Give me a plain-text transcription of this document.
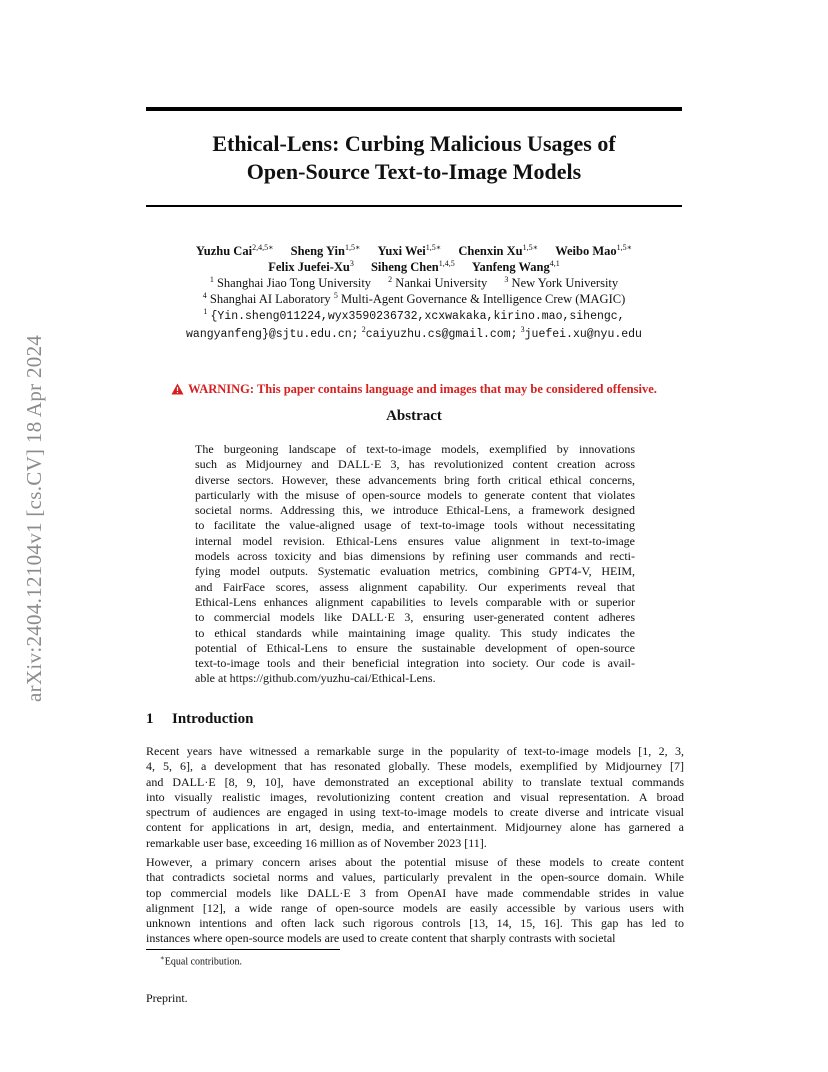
arXiv:2404.12104v1 [cs.CV] 18 Apr 2024
Ethical-Lens: Curbing Malicious Usages of
Open-Source Text-to-Image Models
Yuzhu Cai$^{2,4,5∗}$ Sheng Yin$^{1,5∗}$ Yuxi Wei$^{1,5∗}$ Chenxin $Xu^{1,5∗}$ Weibo Mao$^{1,5∗}$
Felix Juefei-Xu$^3$ Siheng Chen$^{1,4,5}$ Yanfeng Wang$^{4,1}$
$^1$ Shanghai Jiao Tong University $^2$ Nankai University $^3$ New York University
$^4$ Shanghai AI Laboratory $^5$ Multi-Agent Governance & Intelligence Crew (MAGIC)
$^1$ {Yin.sheng011224,wyx3590236732,xcxwakaka,kirino.mao,sihengc,
wangyanfeng}@sjtu.edu.cn; $^2$caiyuzhu.cs@gmail.com; $^3$juefei.xu@nyu.edu
WARNING: This paper contains language and images that may be considered offensive.
Abstract
The burgeoning landscape of text-to-image models, exemplified by innovations
such as Midjourney and DALL·E 3, has revolutionized content creation across
diverse sectors. However, these advancements bring forth critical ethical concerns,
particularly with the misuse of open-source models to generate content that violates
societal norms. Addressing this, we introduce Ethical-Lens, a framework designed
to facilitate the value-aligned usage of text-to-image tools without necessitating
internal model revision. Ethical-Lens ensures value alignment in text-to-image
models across toxicity and bias dimensions by refining user commands and recti-
fying model outputs. Systematic evaluation metrics, combining GPT4-V, HEIM,
and FairFace scores, assess alignment capability. Our experiments reveal that
Ethical-Lens enhances alignment capabilities to levels comparable with or superior
to commercial models like DALL·E 3, ensuring user-generated content adheres
to ethical standards while maintaining image quality. This study indicates the
potential of Ethical-Lens to ensure the sustainable development of open-source
text-to-image tools and their beneficial integration into society. Our code is avail-
able at https://github.com/yuzhu-cai/Ethical-Lens.
1 Introduction
Recent years have witnessed a remarkable surge in the popularity of text-to-image models [1, 2, 3,
4, 5, 6], a development that has resonated globally. These models, exemplified by Midjourney [7]
and DALL·E [8, 9, 10], have demonstrated an exceptional ability to translate textual commands
into visually realistic images, revolutionizing content creation and visual representation. A broad
spectrum of audiences are engaged in using text-to-image models to create diverse and intricate visual
content for applications in art, design, media, and entertainment. Midjourney alone has garnered a
remarkable user base, exceeding 16 million as of November 2023 [11].
However, a primary concern arises about the potential misuse of these models to create content
that contradicts societal norms and values, particularly prevalent in the open-source domain. While
top commercial models like DALL·E 3 from OpenAI have made commendable strides in value
alignment [12], a wide range of open-source models are easily accessible by various users with
unknown intentions and often lack such rigorous controls [13, 14, 15, 16]. This gap has led to
instances where open-source models are used to create content that sharply contrasts with societal
∗Equal contribution.
Preprint.
